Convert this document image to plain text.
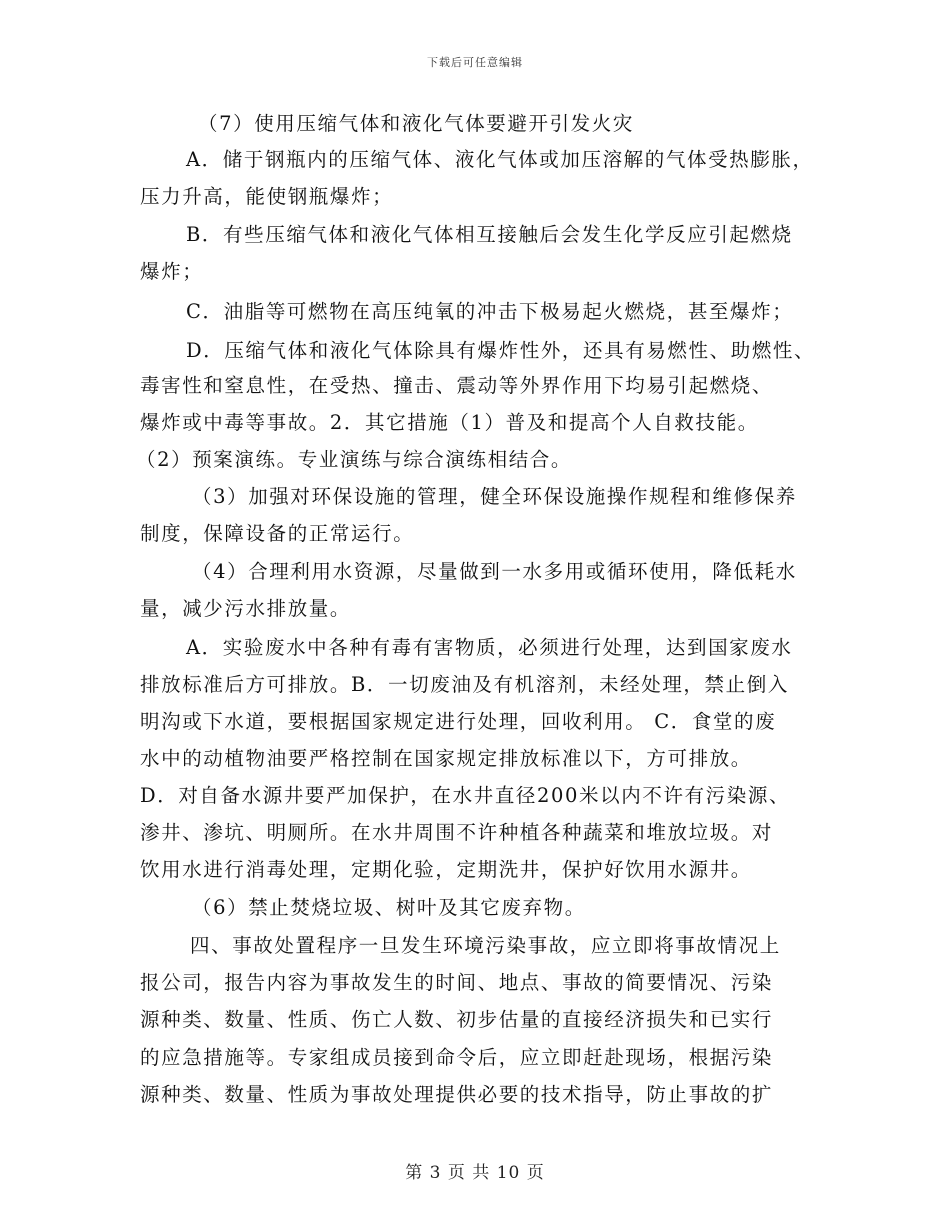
下载后可任意编辑
（7）使用压缩气体和液化气体要避开引发火灾
A．储于钢瓶内的压缩气体、液化气体或加压溶解的气体受热膨胀，
压力升高，能使钢瓶爆炸；
B．有些压缩气体和液化气体相互接触后会发生化学反应引起燃烧
爆炸；
C．油脂等可燃物在高压纯氧的冲击下极易起火燃烧，甚至爆炸；
D．压缩气体和液化气体除具有爆炸性外，还具有易燃性、助燃性、
毒害性和窒息性，在受热、撞击、震动等外界作用下均易引起燃烧、
爆炸或中毒等事故。2．其它措施（1）普及和提高个人自救技能。
（2）预案演练。专业演练与综合演练相结合。
（3）加强对环保设施的管理，健全环保设施操作规程和维修保养
制度，保障设备的正常运行。
（4）合理利用水资源，尽量做到一水多用或循环使用，降低耗水
量，减少污水排放量。
A．实验废水中各种有毒有害物质，必须进行处理，达到国家废水
排放标准后方可排放。B．一切废油及有机溶剂，未经处理，禁止倒入
明沟或下水道，要根据国家规定进行处理，回收利用。 C．食堂的废
水中的动植物油要严格控制在国家规定排放标准以下，方可排放。
D．对自备水源井要严加保护，在水井直径200米以内不许有污染源、
渗井、渗坑、明厕所。在水井周围不许种植各种蔬菜和堆放垃圾。对
饮用水进行消毒处理，定期化验，定期洗井，保护好饮用水源井。
（6）禁止焚烧垃圾、树叶及其它废弃物。
四、事故处置程序一旦发生环境污染事故，应立即将事故情况上
报公司，报告内容为事故发生的时间、地点、事故的简要情况、污染
源种类、数量、性质、伤亡人数、初步估量的直接经济损失和已实行
的应急措施等。专家组成员接到命令后，应立即赶赴现场，根据污染
源种类、数量、性质为事故处理提供必要的技术指导，防止事故的扩
第 3 页 共 10 页
